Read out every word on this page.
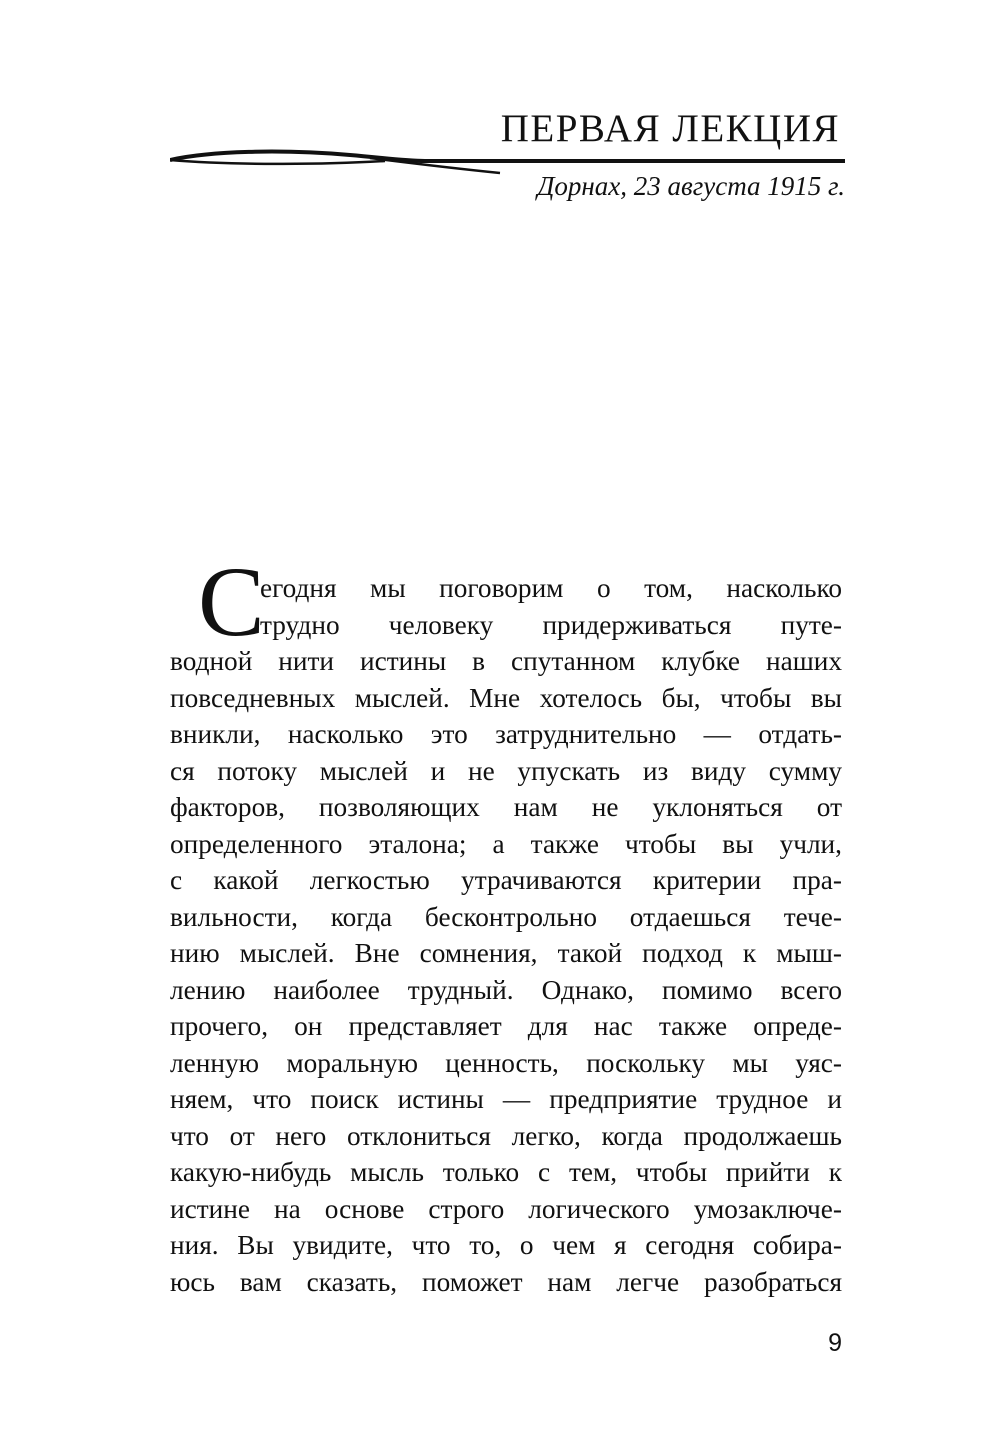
ПЕРВАЯ ЛЕКЦИЯ
Дорнах, 23 августа 1915 г.
С
егодня мы поговорим о том, насколько
трудно человеку придерживаться путе-
водной нити истины в спутанном клубке наших
повседневных мыслей. Мне хотелось бы, чтобы вы
вникли, насколько это затруднительно — отдать-
ся потоку мыслей и не упускать из виду сумму
факторов, позволяющих нам не уклоняться от
определенного эталона; а также чтобы вы учли,
с какой легкостью утрачиваются критерии пра-
вильности, когда бесконтрольно отдаешься тече-
нию мыслей. Вне сомнения, такой подход к мыш-
лению наиболее трудный. Однако, помимо всего
прочего, он представляет для нас также опреде-
ленную моральную ценность, поскольку мы уяс-
няем, что поиск истины — предприятие трудное и
что от него отклониться легко, когда продолжаешь
какую-нибудь мысль только с тем, чтобы прийти к
истине на основе строго логического умозаключе-
ния. Вы увидите, что то, о чем я сегодня собира-
юсь вам сказать, поможет нам легче разобраться
9
